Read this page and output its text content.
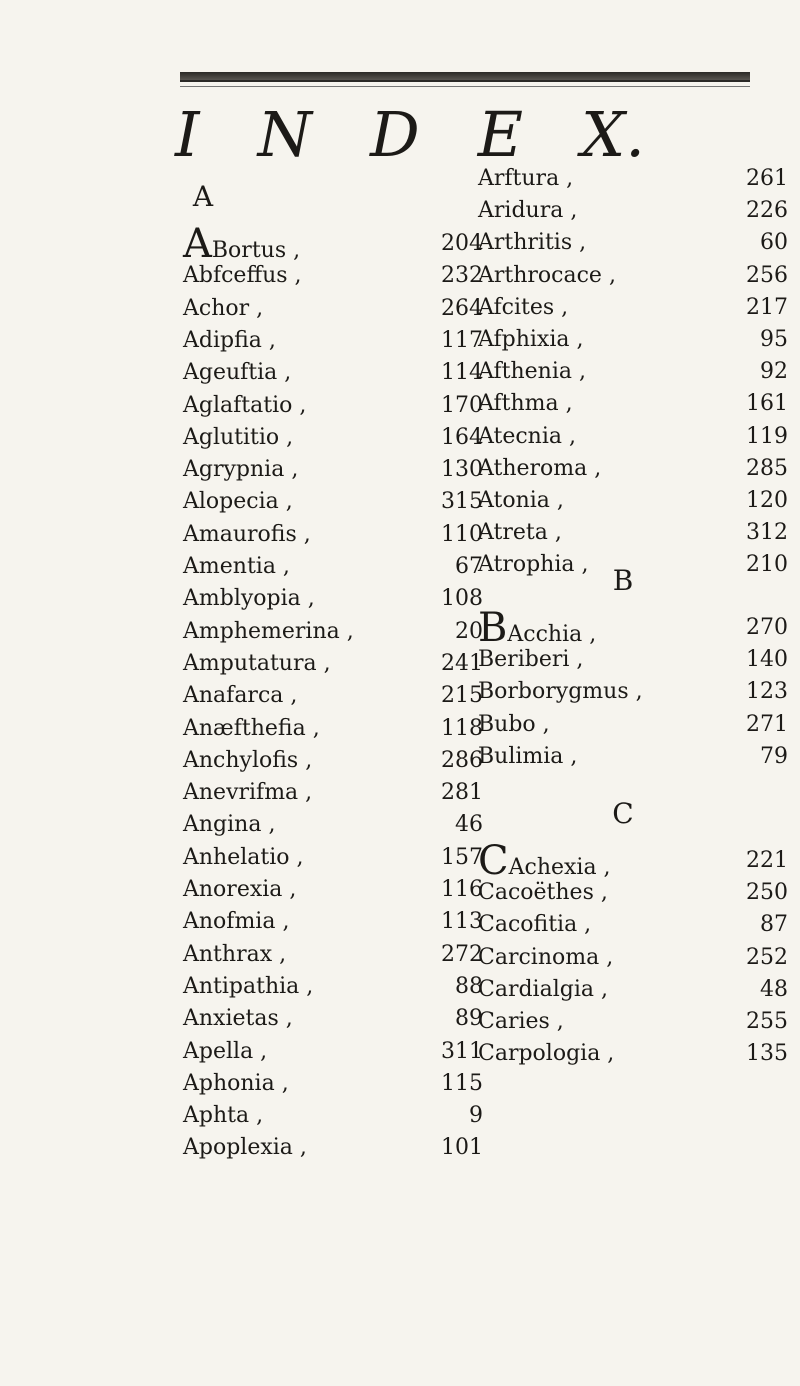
I N D E X.
A
ABortus ,	204
Abfceffus ,	232
Achor ,	264
Adipfia ,	117
Ageuftia ,	114
Aglaftatio ,	170
Aglutitio ,	164
Agrypnia ,	130
Alopecia ,	315
Amaurofis ,	110
Amentia ,	67
Amblyopia ,	108
Amphemerina ,	20
Amputatura ,	241
Anafarca ,	215
Anæfthefia ,	118
Anchylofis ,	286
Anevrifma ,	281
Angina ,	46
Anhelatio ,	157
Anorexia ,	116
Anofmia ,	113
Anthrax ,	272
Antipathia ,	88
Anxietas ,	89
Apella ,	311
Aphonia ,	115
Aphta ,	9
Apoplexia ,	101
B
C
Arftura ,	261
Aridura ,	226
Arthritis ,	60
Arthrocace ,	256
Afcites ,	217
Afphixia ,	95
Afthenia ,	92
Afthma ,	161
Atecnia ,	119
Atheroma ,	285
Atonia ,	120
Atreta ,	312
Atrophia ,	210
BAcchia ,	270
Beriberi ,	140
Borborygmus ,	123
Bubo ,	271
Bulimia ,	79
CAchexia ,	221
Cacoëthes ,	250
Cacofitia ,	87
Carcinoma ,	252
Cardialgia ,	48
Caries ,	255
Carpologia ,	135
